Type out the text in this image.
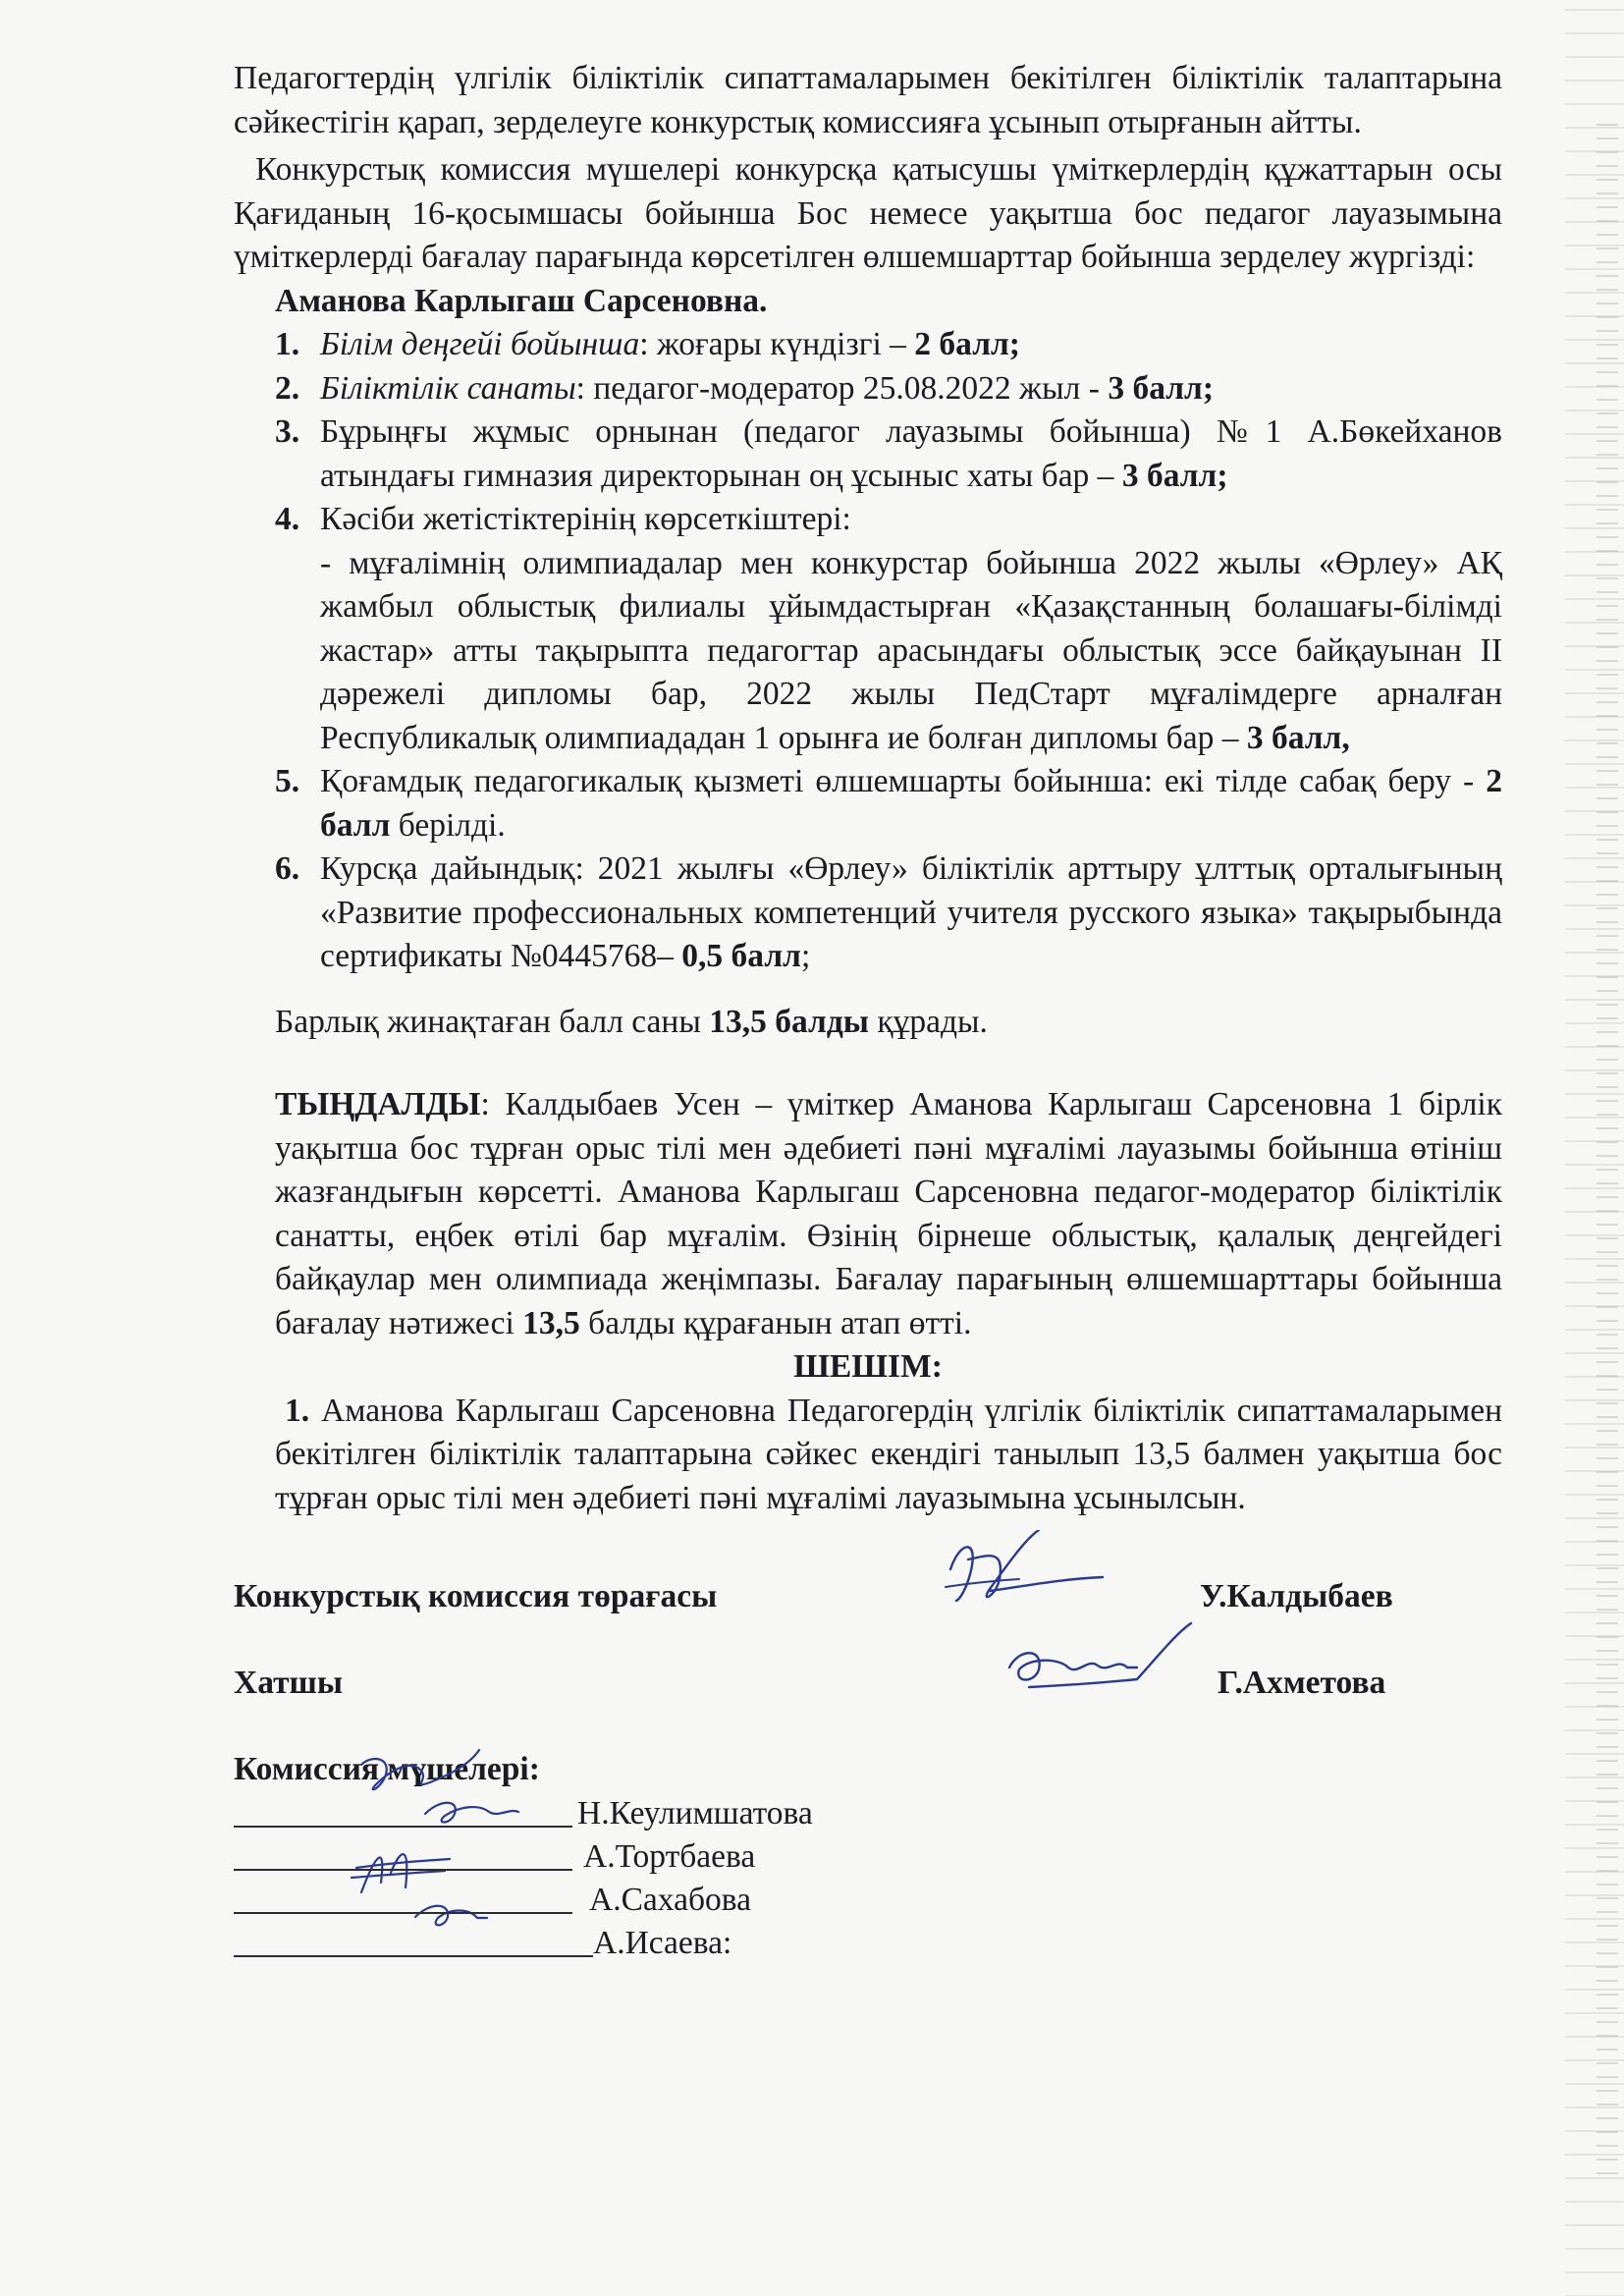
Педагогтердің үлгілік біліктілік сипаттамаларымен бекітілген біліктілік талаптарына сәйкестігін қарап, зерделеуге конкурстық комиссияға ұсынып отырғанын айтты.

Конкурстық комиссия мүшелері конкурсқа қатысушы үміткерлердің құжаттарын осы Қағиданың 16-қосымшасы бойынша Бос немесе уақытша бос педагог лауазымына үміткерлерді бағалау парағында көрсетілген өлшемшарттар бойынша зерделеу жүргізді:

Аманова Карлыгаш Сарсеновна.

1. Білім деңгейі бойынша: жоғары күндізгі – 2 балл;
2. Біліктілік санаты: педагог-модератор 25.08.2022 жыл - 3 балл;
3. Бұрыңғы жұмыс орнынан (педагог лауазымы бойынша) №1 А.Бөкейханов атындағы гимназия директорынан оң ұсыныс хаты бар – 3 балл;
4. Кәсіби жетістіктерінің көрсеткіштері:
- мұғалімнің олимпиадалар мен конкурстар бойынша 2022 жылы «Өрлеу» АҚ жамбыл облыстық филиалы ұйымдастырған «Қазақстанның болашағы-білімді жастар» атты тақырыпта педагогтар арасындағы облыстық эссе байқауынан II дәрежелі дипломы бар, 2022 жылы ПедСтарт мұғалімдерге арналған Республикалық олимпиададан 1 орынға ие болған дипломы бар – 3 балл,
5. Қоғамдық педагогикалық қызметі өлшемшарты бойынша: екі тілде сабақ беру - 2 балл берілді.
6. Курсқа дайындық: 2021 жылғы «Өрлеу» біліктілік арттыру ұлттық орталығының «Развитие профессиональных компетенций учителя русского языка» тақырыбында сертификаты №0445768– 0,5 балл;

Барлық жинақтаған балл саны 13,5 балды құрады.

ТЫҢДАЛДЫ: Калдыбаев Усен – үміткер Аманова Карлыгаш Сарсеновна 1 бірлік уақытша бос тұрған орыс тілі мен әдебиеті пәні мұғалімі лауазымы бойынша өтініш жазғандығын көрсетті. Аманова Карлыгаш Сарсеновна педагог-модератор біліктілік санатты, еңбек өтілі бар мұғалім. Өзінің бірнеше облыстық, қалалық деңгейдегі байқаулар мен олимпиада жеңімпазы. Бағалау парағының өлшемшарттары бойынша бағалау нәтижесі 13,5 балды құрағанын атап өтті.

ШЕШІМ:

1. Аманова Карлыгаш Сарсеновна Педагогердің үлгілік біліктілік сипаттамаларымен бекітілген біліктілік талаптарына сәйкес екендігі танылып 13,5 балмен уақытша бос тұрған орыс тілі мен әдебиеті пәні мұғалімі лауазымына ұсынылсын.

Конкурстық комиссия төрағасы	У.Калдыбаев
Хатшы	Г.Ахметова

Комиссия мүшелері:

Н.Кеулимшатова
А.Тортбаева
А.Сахабова
А.Исаева:
